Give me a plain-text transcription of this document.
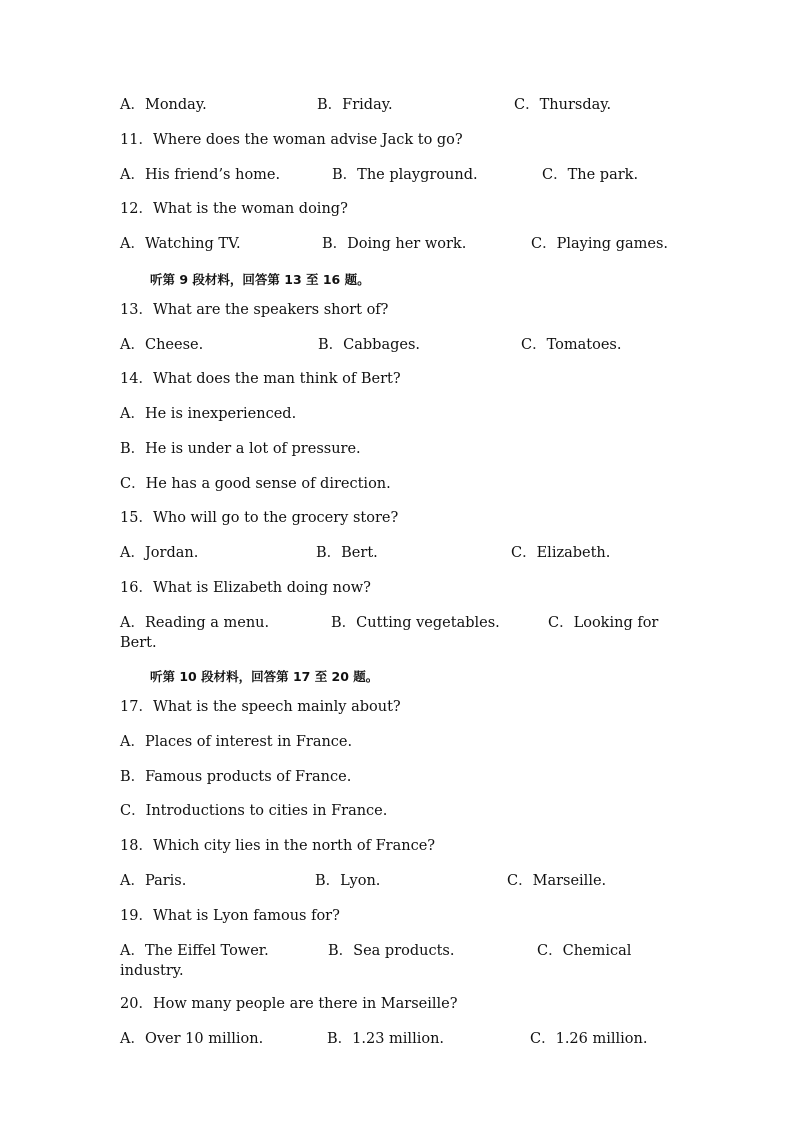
A．Monday.	B．Friday.	C．Thursday.
11．Where does the woman advise Jack to go?
A．His friend’s home.	B．The playground.	C．The park.
12．What is the woman doing?
A．Watching TV.	B．Doing her work.	C．Playing games.
听第 9 段材料，回答第 13 至 16 题。
13．What are the speakers short of?
A．Cheese.	B．Cabbages.	C．Tomatoes.
14．What does the man think of Bert?
A．He is inexperienced.
B．He is under a lot of pressure.
C．He has a good sense of direction.
15．Who will go to the grocery store?
A．Jordan.	B．Bert.	C．Elizabeth.
16．What is Elizabeth doing now?
A．Reading a menu.	B．Cutting vegetables.	C．Looking for
Bert.
听第 10 段材料，回答第 17 至 20 题。
17．What is the speech mainly about?
A．Places of interest in France.
B．Famous products of France.
C．Introductions to cities in France.
18．Which city lies in the north of France?
A．Paris.	B．Lyon.	C．Marseille.
19．What is Lyon famous for?
A．The Eiffel Tower.	B．Sea products.	C．Chemical
industry.
20．How many people are there in Marseille?
A．Over 10 million.	B．1.23 million.	C．1.26 million.
